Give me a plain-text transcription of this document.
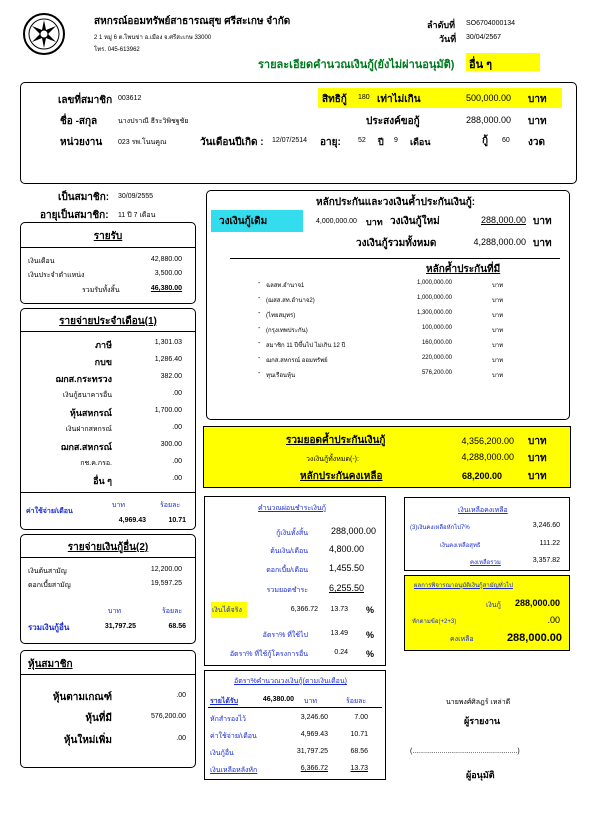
สหกรณ์ออมทรัพย์สาธารณสุข ศรีสะเกษ จำกัด
2 1 หมู่ 6 ต.โพนข่า อ.เมือง จ.ศรีสะเกษ 33000
โทร. 045-613962
ลำดับที่ SO6704000134
วันที่ 30/04/2567
รายละเอียดคำนวณเงินกู้(ยังไม่ผ่านอนุมัติ) อื่น ๆ
เลขที่สมาชิก 003612
ชื่อ -สกุล	นางปราณี ธีระวิพิชฐชัย
หน่วยงาน 023 รพ.โนนคูณ
สิทธิกู้ 180 เท่าไม่เกิน	500,000.00 บาท
ประสงค์ขอกู้	288,000.00 บาท
วันเดือนปีเกิด : 12/07/2514 อายุ: 52 ปี 9 เดือน	กู้ 60 งวด
เป็นสมาชิก: 30/09/2555
อายุเป็นสมาชิก: 11 ปี 7 เดือน
รายรับ
เงินเดือน	42,880.00
เงินประจำตำแหน่ง	3,500.00
รวมรับทั้งสิ้น	46,380.00
รายจ่ายประจำเดือน(1)
ภาษี	1,301.03
กบข	1,286.40
ฌกส.กระทรวง	382.00
เงินกู้ธนาคารอื่น	.00
หุ้นสหกรณ์	1,700.00
เงินฝากสหกรณ์	.00
ฌกส.สหกรณ์	300.00
กช.ค.กรอ.	.00
อื่น ๆ	.00
ค่าใช้จ่าย/เดือน
บาท	ร้อยละ
4,969.43	10.71
รายจ่ายเงินกู้อื่น(2)
เงินต้นสามัญ	12,200.00
ดอกเบี้ยสามัญ	19,597.25
บาท	ร้อยละ
รวมเงินกู้อื่น	31,797.25	68.56
หุ้นสมาชิก
หุ้นตามเกณฑ์	.00
หุ้นที่มี	576,200.00
หุ้นใหม่เพิ่ม	.00
หลักประกันและวงเงินค้ำประกันเงินกู้:
วงเงินกู้เดิม	4,000,000.00 บาท วงเงินกู้ใหม่	288,000.00 บาท
วงเงินกู้รวมทั้งหมด	4,288,000.00 บาท
หลักค้ำประกันที่มี
- ฉลสท.อำนาจ1	1,000,000.00	บาท
- (ฌสส.สท.อำนาจ2)	1,000,000.00	บาท
- (ไทยสมุทร)	1,300,000.00	บาท
- (กรุงเทพประกัน)	100,000.00	บาท
- สมาชิก 11 ปีขึ้นไป ไม่เกิน 12 ปี	160,000.00	บาท
- ฌกส.สหกรณ์ ออมทรัพย์	220,000.00	บาท
- ทุนเรือนหุ้น	576,200.00	บาท
รวมยอดค้ำประกันเงินกู้	4,356,200.00 บาท
วงเงินกู้ทั้งหมด(-):	4,288,000.00 บาท
หลักประกันคงเหลือ	68,200.00	บาท
คำนวณผ่อนชำระเงินกู้
กู้เงินทั้งสิ้น	288,000.00
ต้นเงิน/เดือน	4,800.00
ดอกเบี้ย/เดือน	1,455.50
รวมยอดชำระ	6,255.50
เงินได้จริง	6,366.72	13.73 %
อัตรา% ที่ใช้ไป	13.49 %
อัตรา% ที่ใช้กู้โครงการอื่น	0.24 %
เงินเหลือคงเหลือ
(3)เงินคงเหลือหักไป7%	3,246.60
เงินคงเหลือสุทธิ	111.22
คงเหลือรวม	3,357.82
ผลการพิจารณาอนุมัติเงินกู้สามัญทั่วไป
เงินกู้	288,000.00
หักตามข้อ(+2+3)	.00
คงเหลือ	288,000.00
อัตรา%คำนวณวงเงินกู้(ตามเงินเดือน)
รายได้รับ	46,380.00 บาท	ร้อยละ
หักสำรองไว้	3,246.60	7.00
ค่าใช้จ่าย/เดือน	4,969.43	10.71
เงินกู้อื่น	31,797.25	68.56
เงินเหลือหลังหัก	6,366.72	13.73
นายพงศ์ศิลฎร์ เหล่าดี
ผู้รายงาน
(......................................................)
ผู้อนุมัติ
